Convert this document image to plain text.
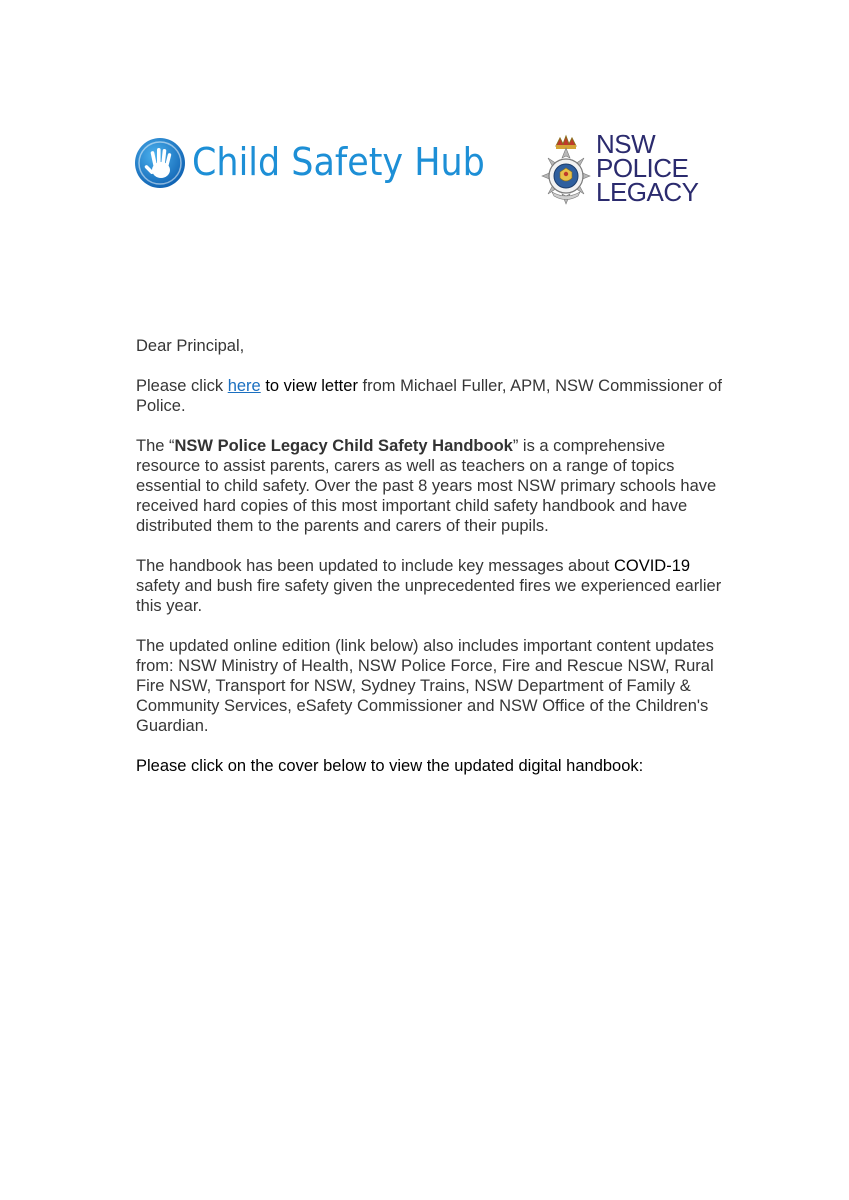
Child Safety Hub	NSW
POLICE
LEGACY

Dear Principal,

Please click here to view letter from Michael Fuller, APM, NSW Commissioner of Police.

The “NSW Police Legacy Child Safety Handbook” is a comprehensive resource to assist parents, carers as well as teachers on a range of topics essential to child safety. Over the past 8 years most NSW primary schools have received hard copies of this most important child safety handbook and have distributed them to the parents and carers of their pupils.

The handbook has been updated to include key messages about COVID-19 safety and bush fire safety given the unprecedented fires we experienced earlier this year.

The updated online edition (link below) also includes important content updates from: NSW Ministry of Health, NSW Police Force, Fire and Rescue NSW, Rural Fire NSW, Transport for NSW, Sydney Trains, NSW Department of Family & Community Services, eSafety Commissioner and NSW Office of the Children's Guardian.

Please click on the cover below to view the updated digital handbook:
